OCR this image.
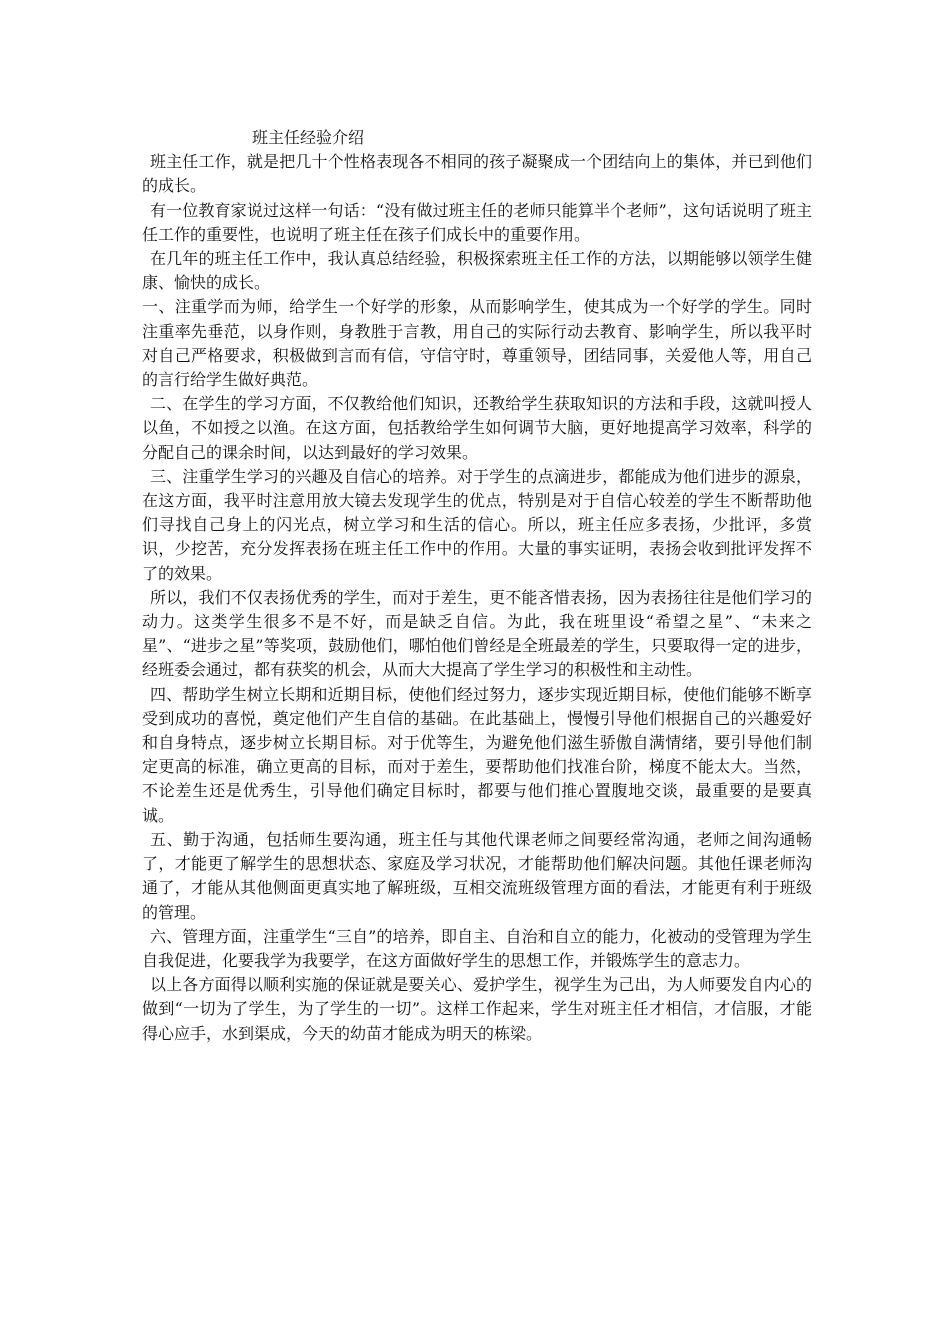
班主任经验介绍

班主任工作，就是把几十个性格表现各不相同的孩子凝聚成一个团结向上的集体，并已到他们的成长。

有一位教育家说过这样一句话：“没有做过班主任的老师只能算半个老师”，这句话说明了班主任工作的重要性，也说明了班主任在孩子们成长中的重要作用。

在几年的班主任工作中，我认真总结经验，积极探索班主任工作的方法，以期能够以领学生健康、愉快的成长。

一、注重学而为师，给学生一个好学的形象，从而影响学生，使其成为一个好学的学生。同时注重率先垂范，以身作则，身教胜于言教，用自己的实际行动去教育、影响学生，所以我平时对自己严格要求，积极做到言而有信，守信守时，尊重领导，团结同事，关爱他人等，用自己的言行给学生做好典范。

二、在学生的学习方面，不仅教给他们知识，还教给学生获取知识的方法和手段，这就叫授人以鱼，不如授之以渔。在这方面，包括教给学生如何调节大脑，更好地提高学习效率，科学的分配自己的课余时间，以达到最好的学习效果。

三、注重学生学习的兴趣及自信心的培养。对于学生的点滴进步，都能成为他们进步的源泉，在这方面，我平时注意用放大镜去发现学生的优点，特别是对于自信心较差的学生不断帮助他们寻找自己身上的闪光点，树立学习和生活的信心。所以，班主任应多表扬，少批评，多赏识，少挖苦，充分发挥表扬在班主任工作中的作用。大量的事实证明，表扬会收到批评发挥不了的效果。

所以，我们不仅表扬优秀的学生，而对于差生，更不能吝惜表扬，因为表扬往往是他们学习的动力。这类学生很多不是不好，而是缺乏自信。为此，我在班里设“希望之星”、“未来之星”、“进步之星”等奖项，鼓励他们，哪怕他们曾经是全班最差的学生，只要取得一定的进步，经班委会通过，都有获奖的机会，从而大大提高了学生学习的积极性和主动性。

四、帮助学生树立长期和近期目标，使他们经过努力，逐步实现近期目标，使他们能够不断享受到成功的喜悦，奠定他们产生自信的基础。在此基础上，慢慢引导他们根据自己的兴趣爱好和自身特点，逐步树立长期目标。对于优等生，为避免他们滋生骄傲自满情绪，要引导他们制定更高的标准，确立更高的目标，而对于差生，要帮助他们找准台阶，梯度不能太大。当然，不论差生还是优秀生，引导他们确定目标时，都要与他们推心置腹地交谈，最重要的是要真诚。

五、勤于沟通，包括师生要沟通，班主任与其他代课老师之间要经常沟通，老师之间沟通畅了，才能更了解学生的思想状态、家庭及学习状况，才能帮助他们解决问题。其他任课老师沟通了，才能从其他侧面更真实地了解班级，互相交流班级管理方面的看法，才能更有利于班级的管理。

六、管理方面，注重学生“三自”的培养，即自主、自治和自立的能力，化被动的受管理为学生自我促进，化要我学为我要学，在这方面做好学生的思想工作，并锻炼学生的意志力。

以上各方面得以顺利实施的保证就是要关心、爱护学生，视学生为己出，为人师要发自内心的做到“一切为了学生，为了学生的一切”。这样工作起来，学生对班主任才相信，才信服，才能得心应手，水到渠成，今天的幼苗才能成为明天的栋梁。
